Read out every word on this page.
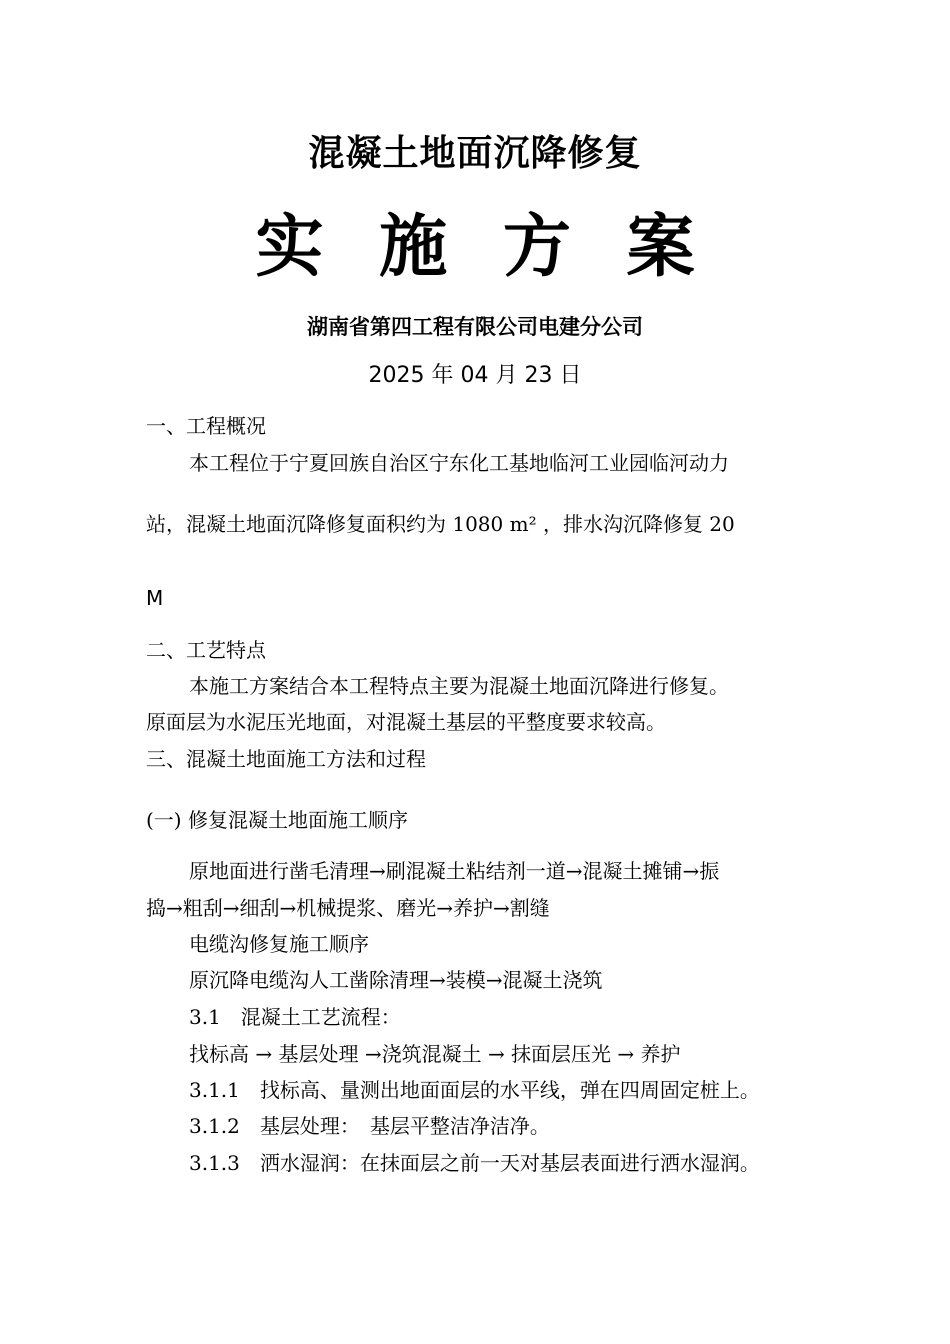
混凝土地面沉降修复
实 施 方 案
湖南省第四工程有限公司电建分公司
2025 年 04 月 23 日
一、工程概况
本工程位于宁夏回族自治区宁东化工基地临河工业园临河动力
站，混凝土地面沉降修复面积约为 1080 m² ，排水沟沉降修复 20
M
二、工艺特点
本施工方案结合本工程特点主要为混凝土地面沉降进行修复。
原面层为水泥压光地面，对混凝土基层的平整度要求较高。
三、混凝土地面施工方法和过程
(一) 修复混凝土地面施工顺序
原地面进行凿毛清理→刷混凝土粘结剂一道→混凝土摊铺→振
捣→粗刮→细刮→机械提浆、磨光→养护→割缝
电缆沟修复施工顺序
原沉降电缆沟人工凿除清理→装模→混凝土浇筑
3.1　混凝土工艺流程：
找标高 → 基层处理 →浇筑混凝土 → 抹面层压光 → 养护
3.1.1　找标高、量测出地面面层的水平线，弹在四周固定桩上。
3.1.2　基层处理：　基层平整洁净洁净。
3.1.3　洒水湿润：在抹面层之前一天对基层表面进行洒水湿润。
